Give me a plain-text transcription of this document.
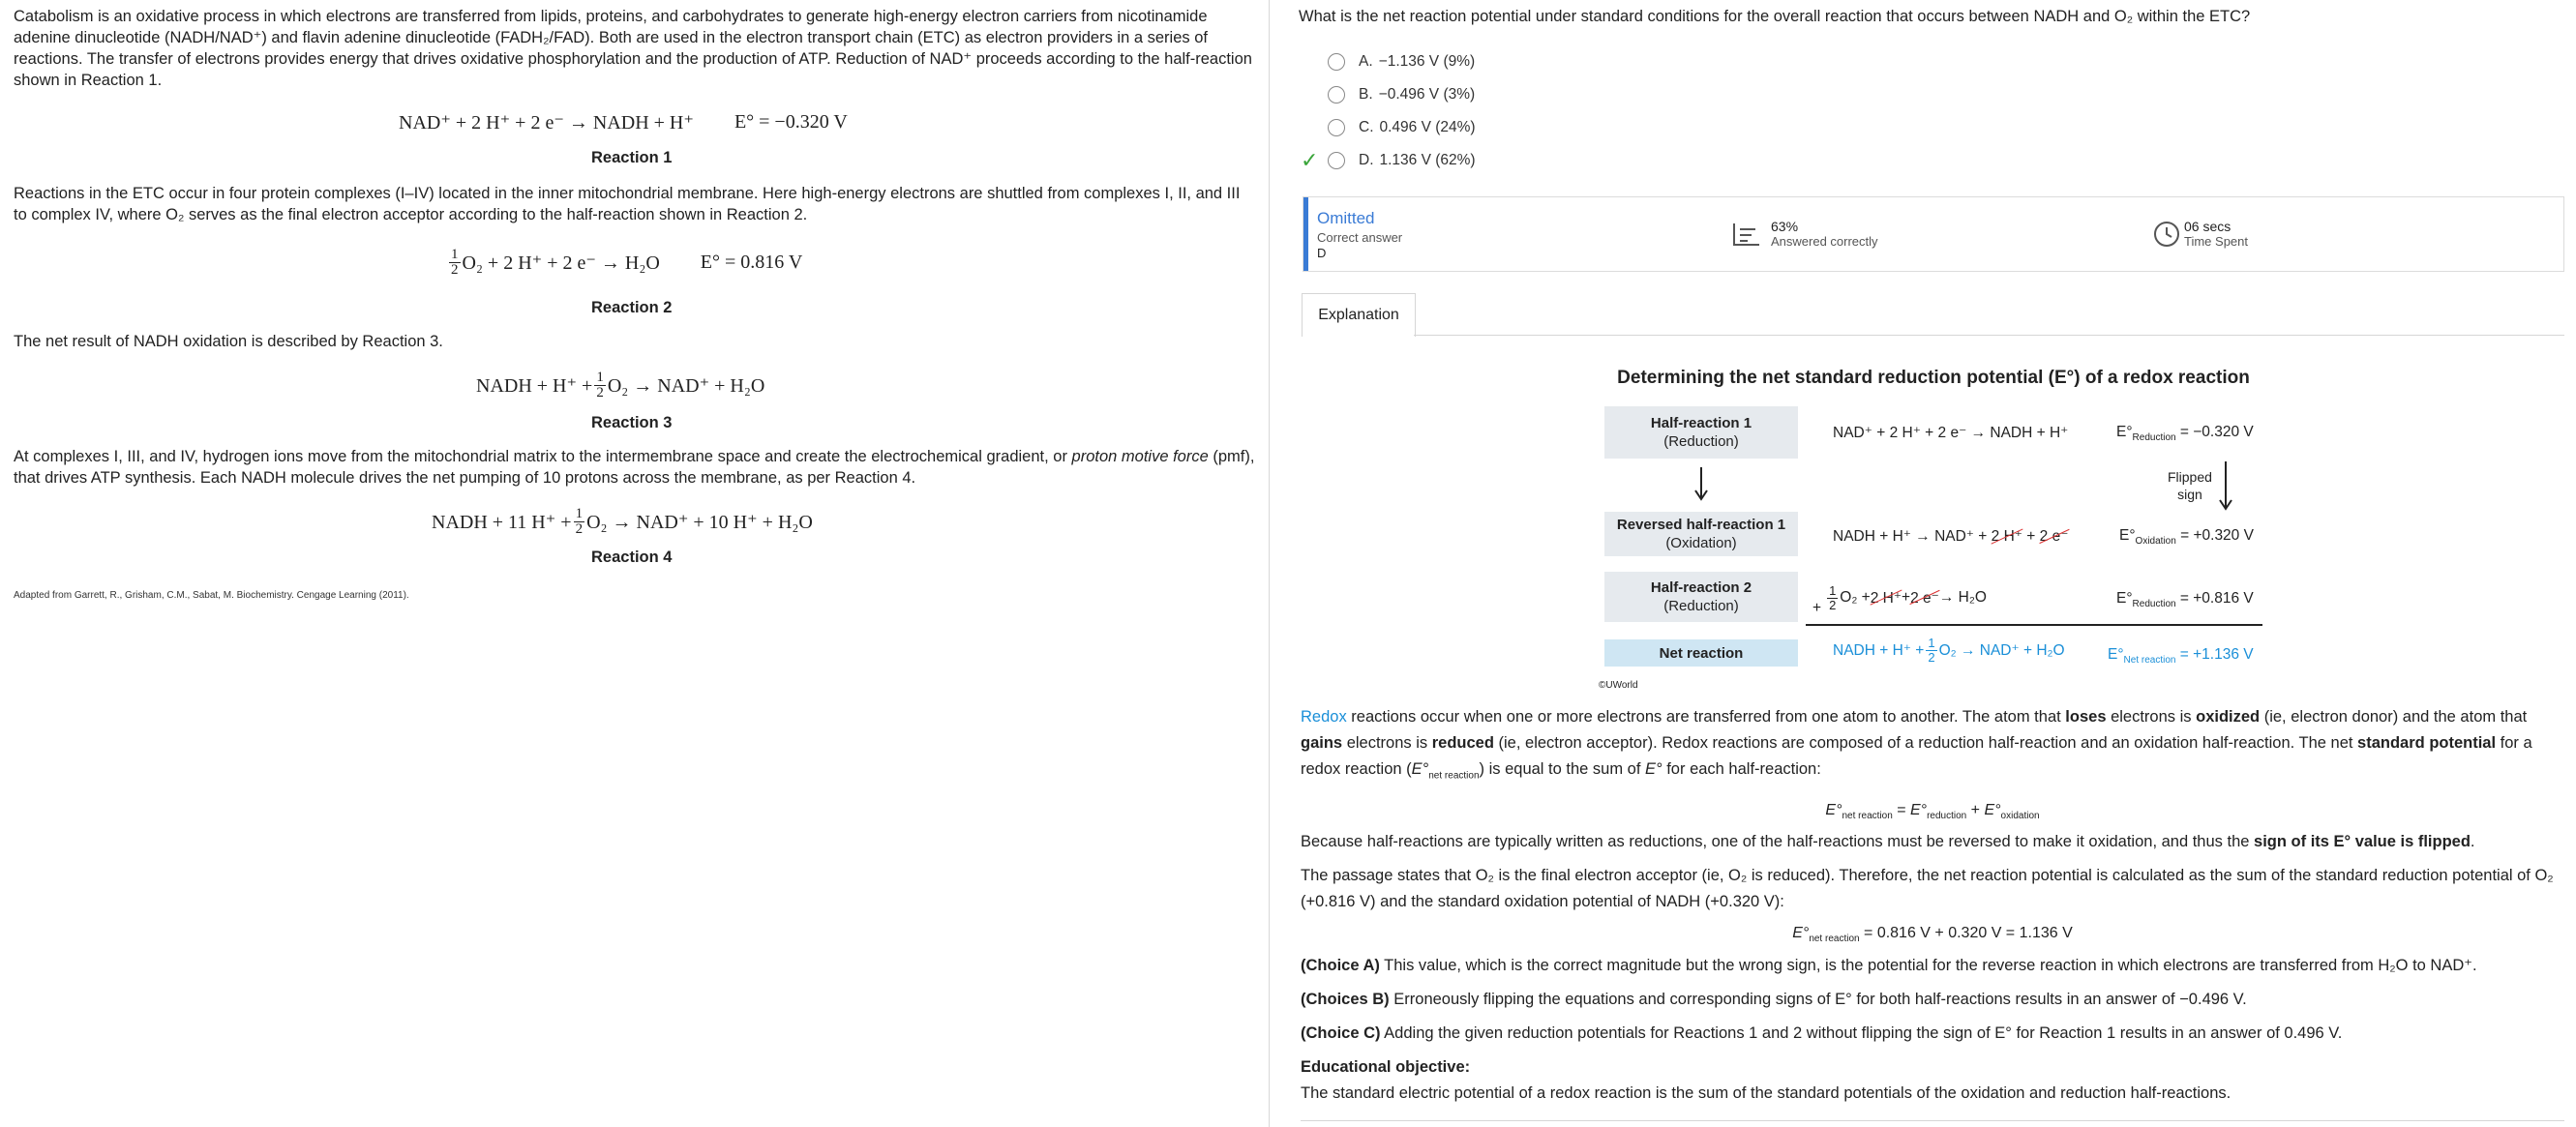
Catabolism is an oxidative process in which electrons are transferred from lipids, proteins, and carbohydrates to generate high-energy electron carriers from nicotinamide adenine dinucleotide (NADH/NAD⁺) and flavin adenine dinucleotide (FADH₂/FAD). Both are used in the electron transport chain (ETC) as electron providers in a series of reactions. The transfer of electrons provides energy that drives oxidative phosphorylation and the production of ATP. Reduction of NAD⁺ proceeds according to the half-reaction shown in Reaction 1.

NAD⁺ + 2 H⁺ + 2 e⁻ → NADH + H⁺ E° = −0.320 V
Reaction 1

Reactions in the ETC occur in four protein complexes (I–IV) located in the inner mitochondrial membrane. Here high-energy electrons are shuttled from complexes I, II, and III to complex IV, where O₂ serves as the final electron acceptor according to the half-reaction shown in Reaction 2.

$\frac{1}{2} O_2 + 2$ H⁺ + 2 e⁻ → H₂O E° = 0.816 V
Reaction 2

The net result of NADH oxidation is described by Reaction 3.

NADH + $H^+ + \frac{1}{2} O_2 \to NAD^+ + H_2O$
Reaction 3

At complexes I, III, and IV, hydrogen ions move from the mitochondrial matrix to the intermembrane space and create the electrochemical gradient, or proton motive force (pmf), that drives ATP synthesis. Each NADH molecule drives the net pumping of 10 protons across the membrane, as per Reaction 4.

NADH + 11 $H^+ + \frac{1}{2} O_2 \to NAD^+ + 10$ H⁺ + H₂O
Reaction 4
Adapted from Garrett, R., Grisham, C.M., Sabat, M. Biochemistry. Cengage Learning (2011).

What is the net reaction potential under standard conditions for the overall reaction that occurs between NADH and O₂ within the ETC?

A. −1.136 V (9%)
B. −0.496 V (3%)
C. 0.496 V (24%)
✓	D. 1.136 V (62%)
Omitted
Correct answer
D
63%
Answered correctly
06 secs
Time Spent
Explanation
Determining the net standard reduction potential (E°) of a redox reaction
Half-reaction 1
(Reduction)
NAD⁺ + 2 H⁺ + 2 e⁻ → NADH + H⁺	$E^\circ_{Reduction} = -0.320$ V
Flipped
sign
Reversed half-reaction 1
(Oxidation)	NADH + H⁺ → NAD⁺ + 2 H⁺ + 2 e⁻	$E^\circ_{Oxidation} = +0.320$ V
Half-reaction 2
(Reduction)	+ $\frac{1}{2} O_2 + 2$ H⁺ + 2 e⁻ → H₂O	$E^\circ_{Reduction} = +0.816$ V
Net reaction	NADH + $H^+ + \frac{1}{2} O_2 \to NAD^+ + H_2O$	$E^\circ_{Net reaction} = +1.136$ V
©UWorld

Redox reactions occur when one or more electrons are transferred from one atom to another. The atom that loses electrons is oxidized (ie, electron donor) and the atom that gains electrons is reduced (ie, electron acceptor). Redox reactions are composed of a reduction half-reaction and an oxidation half-reaction. The net standard potential for a redox reaction $(E^\circ_{net reaction})$ is equal to the sum of E° for each half-reaction:

$E^\circ_{net reaction} = E^\circ_{reduction} + E^\circ_{oxidation}$

Because half-reactions are typically written as reductions, one of the half-reactions must be reversed to make it oxidation, and thus the sign of its E° value is flipped.

The passage states that O₂ is the final electron acceptor (ie, O₂ is reduced). Therefore, the net reaction potential is calculated as the sum of the standard reduction potential of O₂ (+0.816 V) and the standard oxidation potential of NADH (+0.320 V):

$E^\circ_{net reaction} = 0.816$ V + 0.320 V = 1.136 V

(Choice A) This value, which is the correct magnitude but the wrong sign, is the potential for the reverse reaction in which electrons are transferred from H₂O to NAD⁺.

(Choices B) Erroneously flipping the equations and corresponding signs of E° for both half-reactions results in an answer of −0.496 V.

(Choice C) Adding the given reduction potentials for Reactions 1 and 2 without flipping the sign of E° for Reaction 1 results in an answer of 0.496 V.

Educational objective:

The standard electric potential of a redox reaction is the sum of the standard potentials of the oxidation and reduction half-reactions.
